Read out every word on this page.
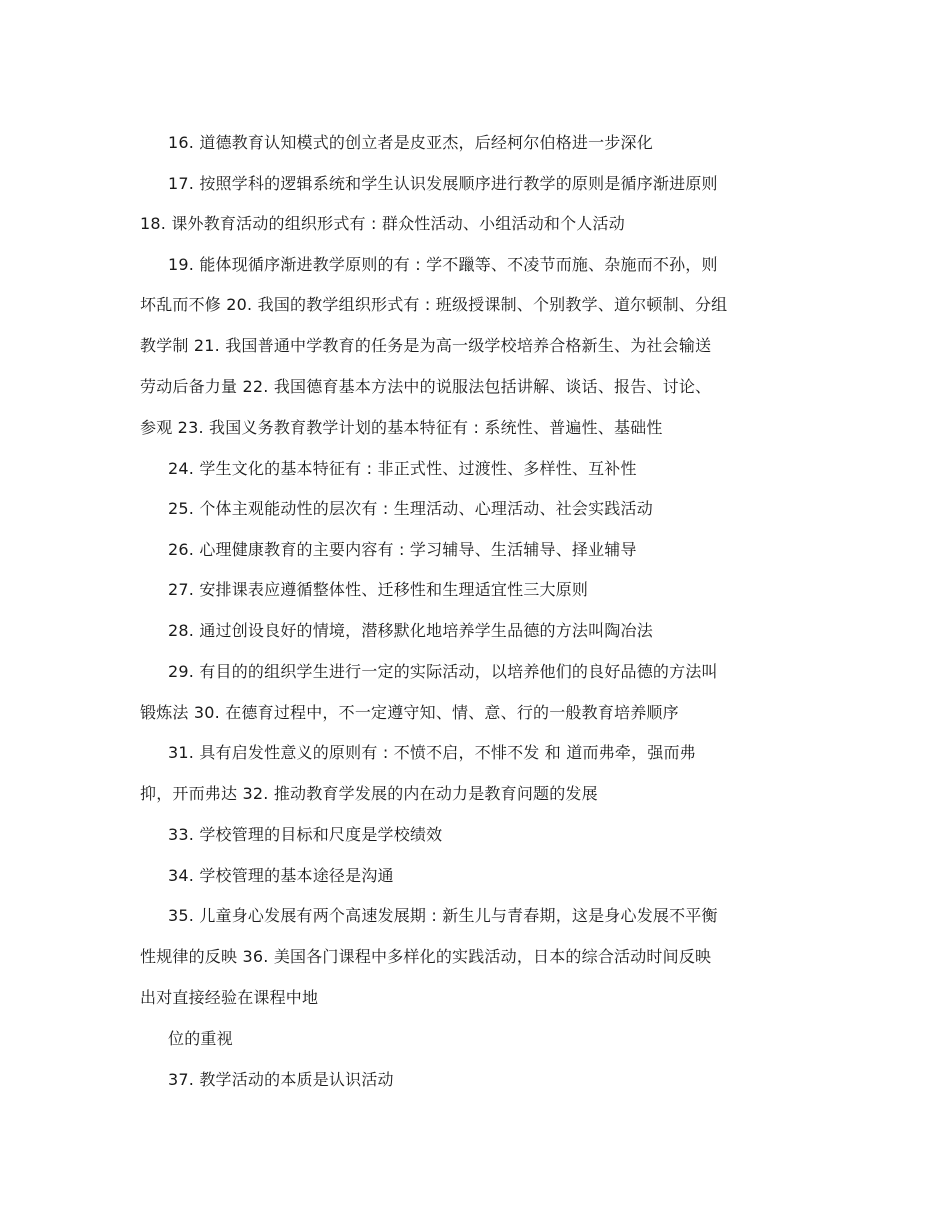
16. 道德教育认知模式的创立者是皮亚杰，后经柯尔伯格进一步深化
17. 按照学科的逻辑系统和学生认识发展顺序进行教学的原则是循序渐进原则
18. 课外教育活动的组织形式有 : 群众性活动、小组活动和个人活动
19. 能体现循序渐进教学原则的有 : 学不躐等、不凌节而施、杂施而不孙，则
坏乱而不修 20. 我国的教学组织形式有 : 班级授课制、个别教学、道尔顿制、分组
教学制 21. 我国普通中学教育的任务是为高一级学校培养合格新生、为社会输送
劳动后备力量 22. 我国德育基本方法中的说服法包括讲解、谈话、报告、讨论、
参观 23. 我国义务教育教学计划的基本特征有 : 系统性、普遍性、基础性
24. 学生文化的基本特征有 : 非正式性、过渡性、多样性、互补性
25. 个体主观能动性的层次有 : 生理活动、心理活动、社会实践活动
26. 心理健康教育的主要内容有 : 学习辅导、生活辅导、择业辅导
27. 安排课表应遵循整体性、迁移性和生理适宜性三大原则
28. 通过创设良好的情境，潜移默化地培养学生品德的方法叫陶冶法
29. 有目的的组织学生进行一定的实际活动，以培养他们的良好品德的方法叫
锻炼法 30. 在德育过程中，不一定遵守知、情、意、行的一般教育培养顺序
31. 具有启发性意义的原则有 : 不愤不启，不悱不发 和 道而弗牵，强而弗
抑，开而弗达 32. 推动教育学发展的内在动力是教育问题的发展
33. 学校管理的目标和尺度是学校绩效
34. 学校管理的基本途径是沟通
35. 儿童身心发展有两个高速发展期 : 新生儿与青春期，这是身心发展不平衡
性规律的反映 36. 美国各门课程中多样化的实践活动，日本的综合活动时间反映
出对直接经验在课程中地
位的重视
37. 教学活动的本质是认识活动
